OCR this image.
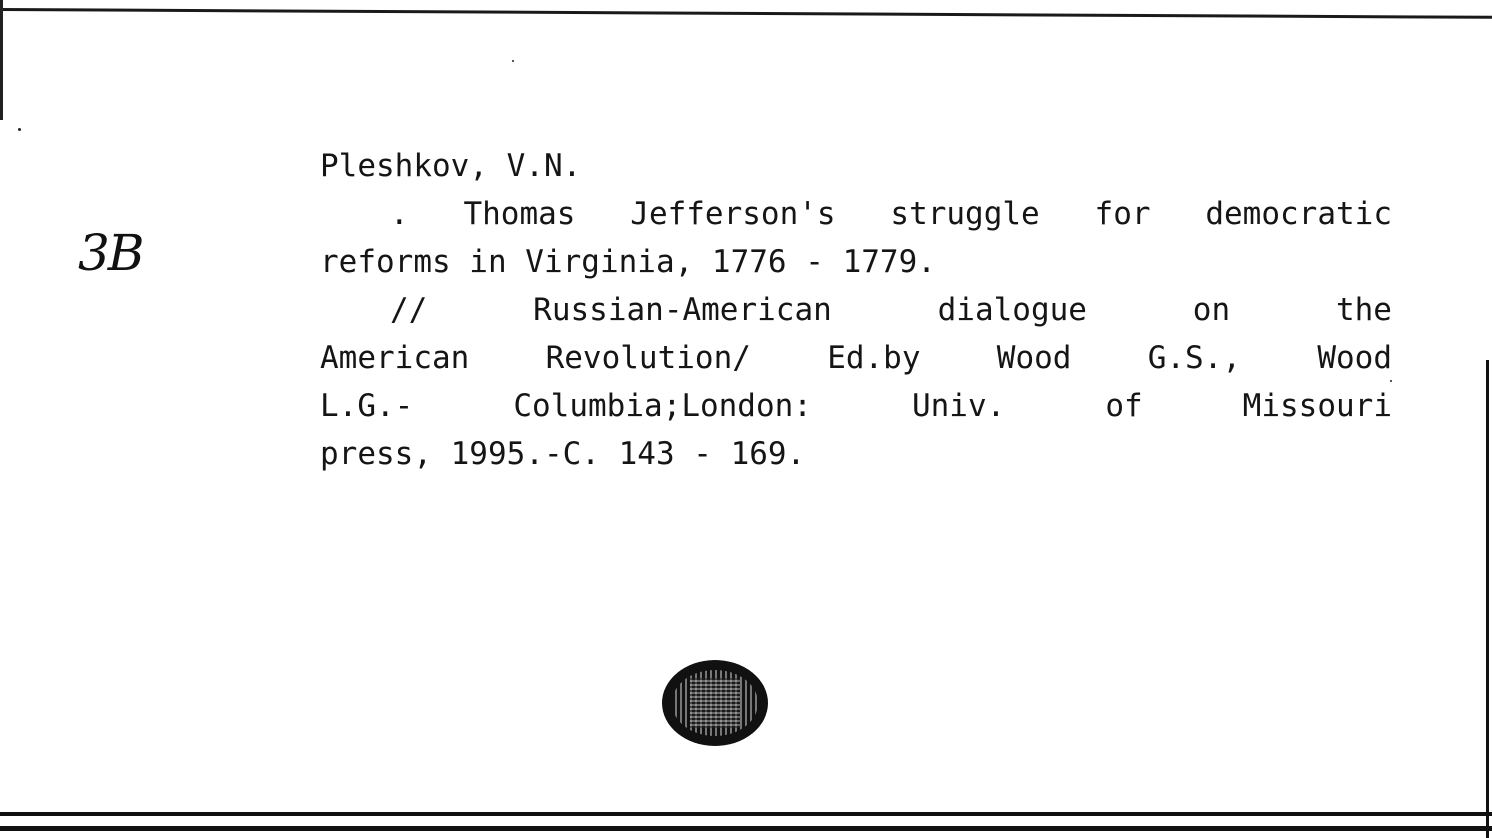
3B
Pleshkov, V.N.
. Thomas Jefferson's struggle for democratic
reforms in Virginia, 1776 - 1779.
//	Russian-American	dialogue	on	the
American Revolution/ Ed.by Wood G.S., Wood
L.G.-	Columbia;London:	Univ.	of	Missouri
press, 1995.-C. 143 - 169.
